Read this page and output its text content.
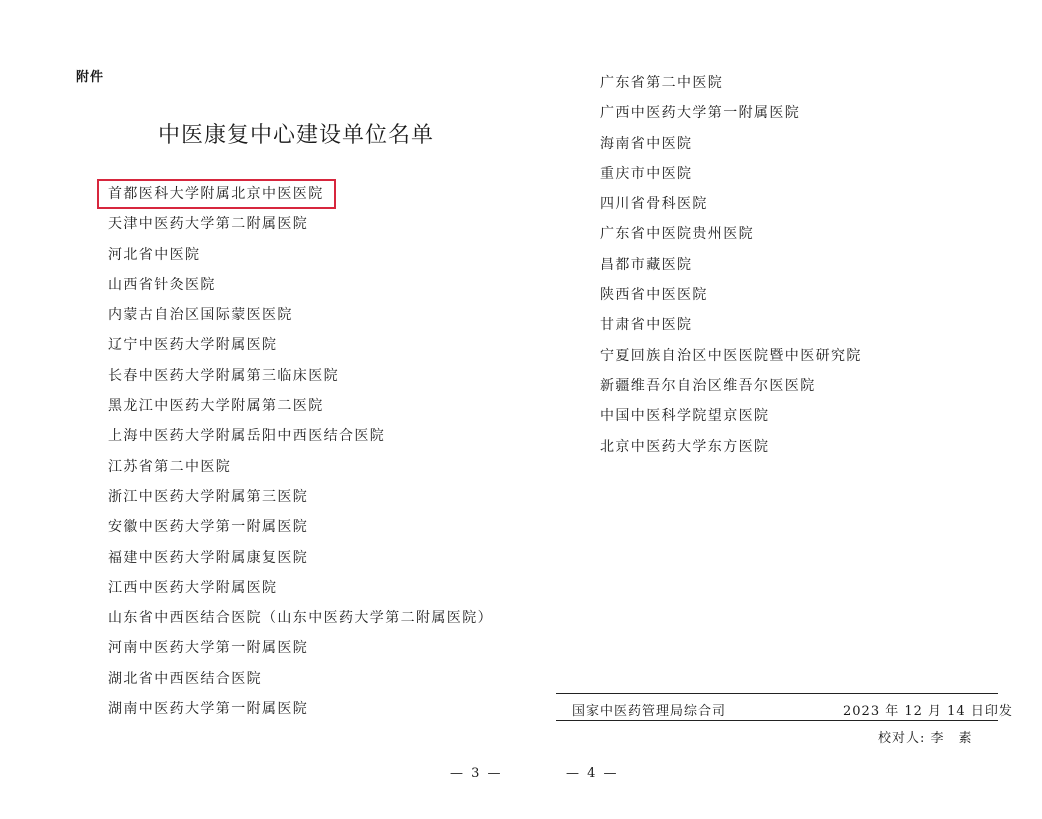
附件
中医康复中心建设单位名单
首都医科大学附属北京中医医院
天津中医药大学第二附属医院
河北省中医院
山西省针灸医院
内蒙古自治区国际蒙医医院
辽宁中医药大学附属医院
长春中医药大学附属第三临床医院
黑龙江中医药大学附属第二医院
上海中医药大学附属岳阳中西医结合医院
江苏省第二中医院
浙江中医药大学附属第三医院
安徽中医药大学第一附属医院
福建中医药大学附属康复医院
江西中医药大学附属医院
山东省中西医结合医院（山东中医药大学第二附属医院）
河南中医药大学第一附属医院
湖北省中西医结合医院
湖南中医药大学第一附属医院
— 3 —
广东省第二中医院
广西中医药大学第一附属医院
海南省中医院
重庆市中医院
四川省骨科医院
广东省中医院贵州医院
昌都市藏医院
陕西省中医医院
甘肃省中医院
宁夏回族自治区中医医院暨中医研究院
新疆维吾尔自治区维吾尔医医院
中国中医科学院望京医院
北京中医药大学东方医院
国家中医药管理局综合司	2023 年 12 月 14 日印发
校对人: 李　素
— 4 —
